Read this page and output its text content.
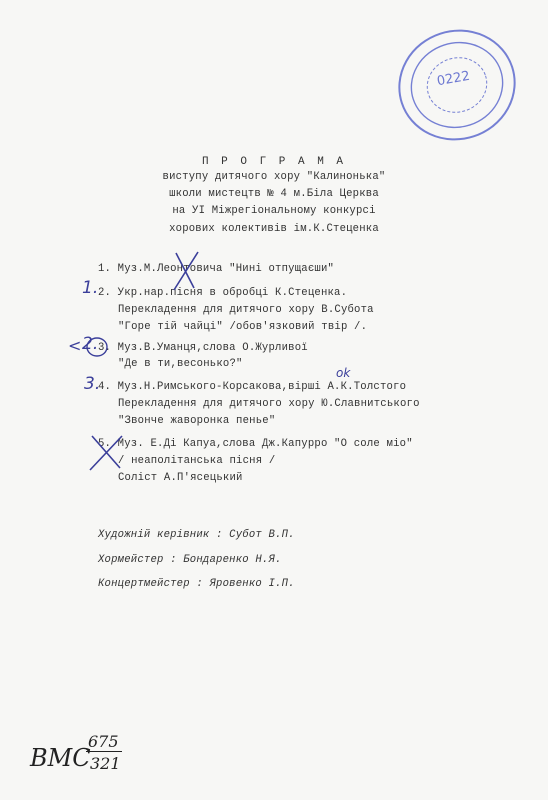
0222
П Р О Г Р А М А
виступу дитячого хору "Калинонька"
школи мистецтв № 4 м.Біла Церква
на УІ Міжрегіональному конкурсі
хорових колективів ім.К.Стеценка
1. Муз.М.Леонтовича "Нині отпущаєши"
2. Укр.нар.пісня в обробці К.Стеценка.
Перекладення для дитячого хору В.Субота
"Горе тій чайці" /обов'язковий твір /.
3. Муз.В.Уманця,слова О.Журливої
"Де в ти,весонько?"
4. Муз.Н.Римського-Корсакова,вірші А.К.Толстого
Перекладення для дитячого хору Ю.Славнитського
"Звонче жаворонка пенье"
5. Муз. Е.Ді Капуа,слова Дж.Капурро "О соле міо"
/ неаполітанська пісня /
Соліст А.П'ясецький
1.
< 2.
3.
ok
Художній керівник : Субот В.П.
Хормейстер : Бондаренко Н.Я.
Концертмейстер : Яровенко І.П.
ВМС
675
321
